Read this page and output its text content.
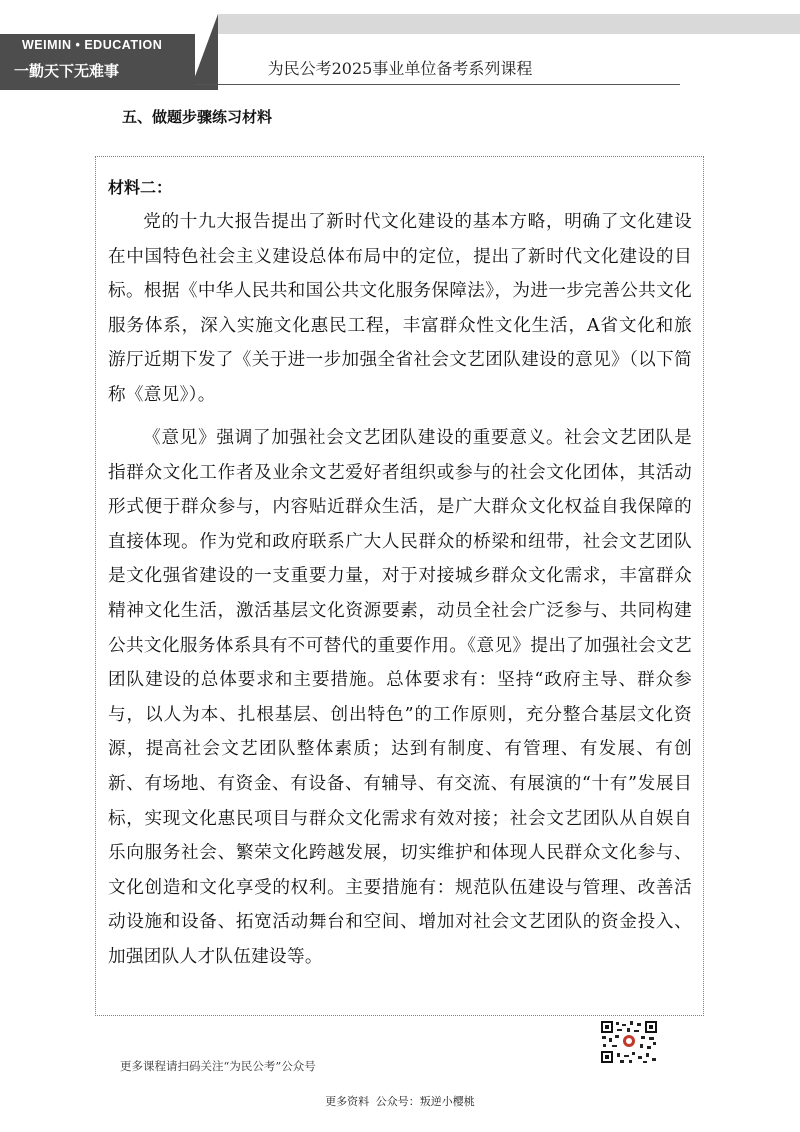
WEIMIN • EDUCATION
一勤天下无难事	为民公考2025事业单位备考系列课程
五、做题步骤练习材料
材料二：

党的十九大报告提出了新时代文化建设的基本方略，明确了文化建设在中国特色社会主义建设总体布局中的定位，提出了新时代文化建设的目标。根据《中华人民共和国公共文化服务保障法》，为进一步完善公共文化服务体系，深入实施文化惠民工程，丰富群众性文化生活，A省文化和旅游厅近期下发了《关于进一步加强全省社会文艺团队建设的意见》（以下简称《意见》）。

《意见》强调了加强社会文艺团队建设的重要意义。社会文艺团队是指群众文化工作者及业余文艺爱好者组织或参与的社会文化团体，其活动形式便于群众参与，内容贴近群众生活，是广大群众文化权益自我保障的直接体现。作为党和政府联系广大人民群众的桥梁和纽带，社会文艺团队是文化强省建设的一支重要力量，对于对接城乡群众文化需求，丰富群众精神文化生活，激活基层文化资源要素，动员全社会广泛参与、共同构建公共文化服务体系具有不可替代的重要作用。《意见》提出了加强社会文艺团队建设的总体要求和主要措施。总体要求有：坚持“政府主导、群众参与，以人为本、扎根基层、创出特色”的工作原则，充分整合基层文化资源，提高社会文艺团队整体素质；达到有制度、有管理、有发展、有创新、有场地、有资金、有设备、有辅导、有交流、有展演的“十有”发展目标，实现文化惠民项目与群众文化需求有效对接；社会文艺团队从自娱自乐向服务社会、繁荣文化跨越发展，切实维护和体现人民群众文化参与、文化创造和文化享受的权利。主要措施有：规范队伍建设与管理、改善活动设施和设备、拓宽活动舞台和空间、增加对社会文艺团队的资金投入、加强团队人才队伍建设等。

更多课程请扫码关注“为民公考”公众号
更多资料 公众号：叛逆小樱桃
